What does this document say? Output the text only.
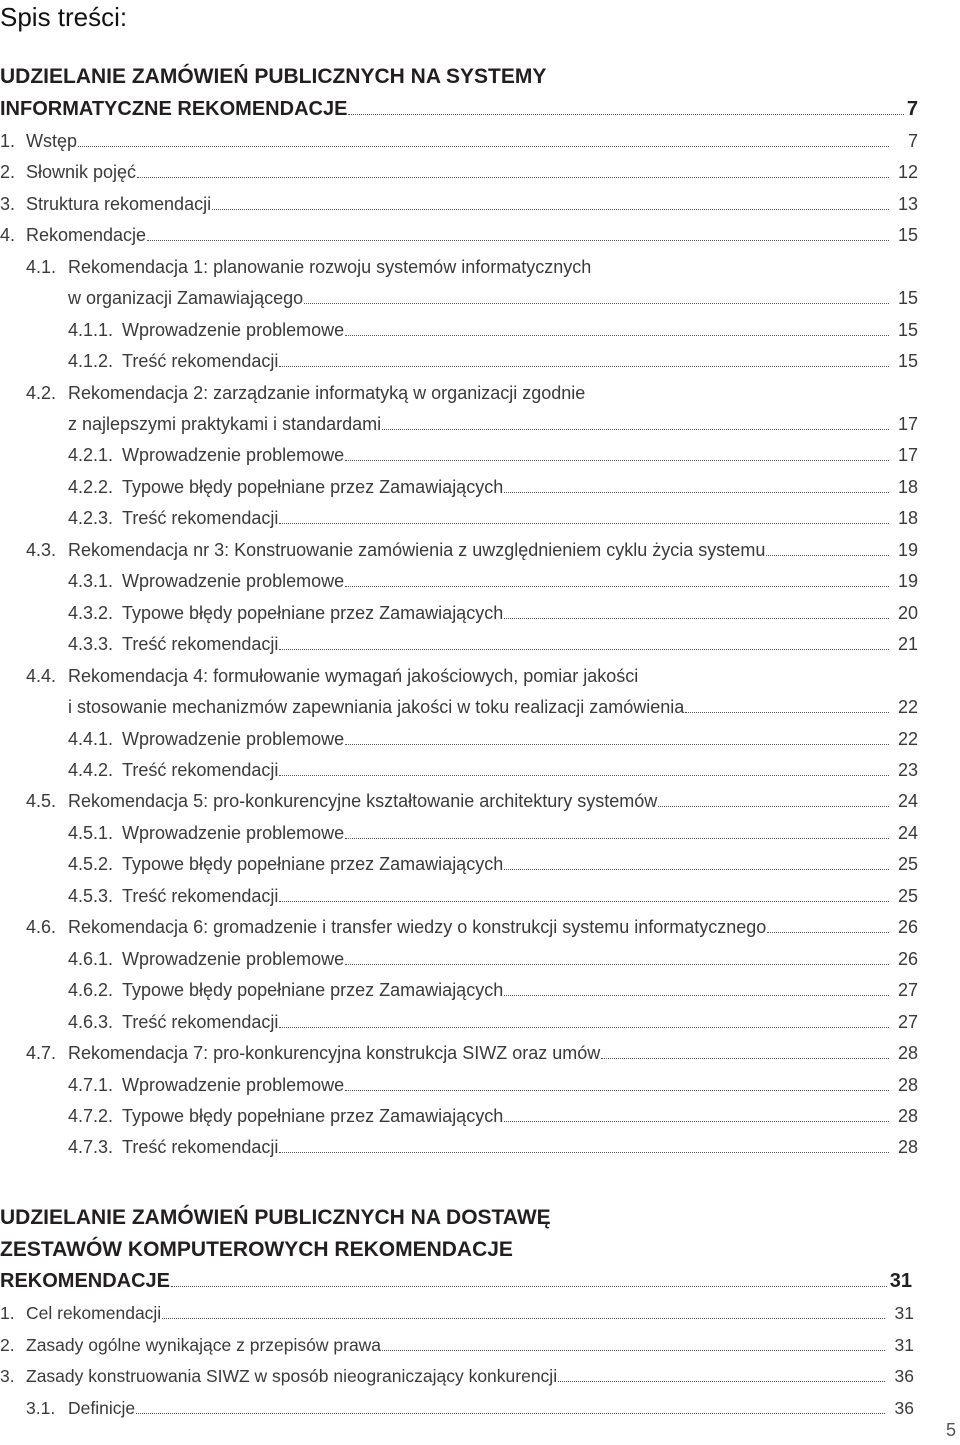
Spis treści:
UDZIELANIE ZAMÓWIEŃ PUBLICZNYCH NA SYSTEMY
INFORMATYCZNE REKOMENDACJE	7
1. Wstęp	7
2. Słownik pojęć	12
3. Struktura rekomendacji	13
4. Rekomendacje	15
4.1. Rekomendacja 1: planowanie rozwoju systemów informatycznych
w organizacji Zamawiającego	15
4.1.1. Wprowadzenie problemowe	15
4.1.2. Treść rekomendacji	15
4.2. Rekomendacja 2: zarządzanie informatyką w organizacji zgodnie
z najlepszymi praktykami i standardami	17
4.2.1. Wprowadzenie problemowe	17
4.2.2. Typowe błędy popełniane przez Zamawiających	18
4.2.3. Treść rekomendacji	18
4.3. Rekomendacja nr 3: Konstruowanie zamówienia z uwzględnieniem cyklu życia systemu	19
4.3.1. Wprowadzenie problemowe	19
4.3.2. Typowe błędy popełniane przez Zamawiających	20
4.3.3. Treść rekomendacji	21
4.4. Rekomendacja 4: formułowanie wymagań jakościowych, pomiar jakości
i stosowanie mechanizmów zapewniania jakości w toku realizacji zamówienia	22
4.4.1. Wprowadzenie problemowe	22
4.4.2. Treść rekomendacji	23
4.5. Rekomendacja 5: pro-konkurencyjne kształtowanie architektury systemów	24
4.5.1. Wprowadzenie problemowe	24
4.5.2. Typowe błędy popełniane przez Zamawiających	25
4.5.3. Treść rekomendacji	25
4.6. Rekomendacja 6: gromadzenie i transfer wiedzy o konstrukcji systemu informatycznego	26
4.6.1. Wprowadzenie problemowe	26
4.6.2. Typowe błędy popełniane przez Zamawiających	27
4.6.3. Treść rekomendacji	27
4.7. Rekomendacja 7: pro-konkurencyjna konstrukcja SIWZ oraz umów	28
4.7.1. Wprowadzenie problemowe	28
4.7.2. Typowe błędy popełniane przez Zamawiających	28
4.7.3. Treść rekomendacji	28
UDZIELANIE ZAMÓWIEŃ PUBLICZNYCH NA DOSTAWĘ
ZESTAWÓW KOMPUTEROWYCH REKOMENDACJE
REKOMENDACJE	31
1. Cel rekomendacji	31
2. Zasady ogólne wynikające z przepisów prawa	31
3. Zasady konstruowania SIWZ w sposób nieograniczający konkurencji	36
3.1. Definicje	36
5
